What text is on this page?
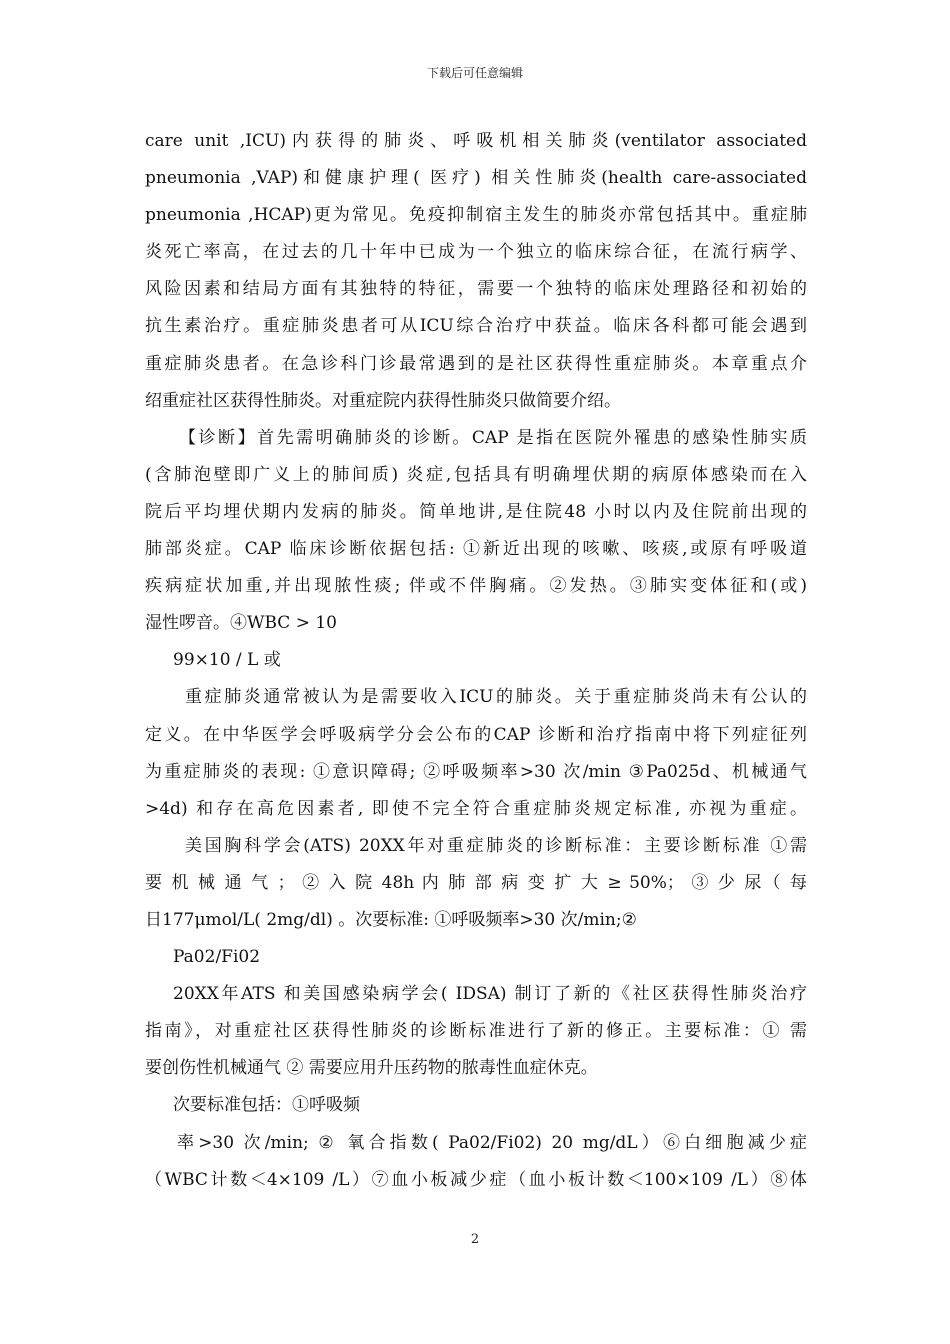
下载后可任意编辑
care unit ,ICU)内获得的肺炎、呼吸机相关肺炎(ventilator associated
pneumonia ,VAP)和健康护理( 医疗) 相关性肺炎(health care‑associated
pneumonia ,HCAP)更为常见。免疫抑制宿主发生的肺炎亦常包括其中。重症肺
炎死亡率高，在过去的几十年中已成为一个独立的临床综合征，在流行病学、
风险因素和结局方面有其独特的特征，需要一个独特的临床处理路径和初始的
抗生素治疗。重症肺炎患者可从ICU综合治疗中获益。临床各科都可能会遇到
重症肺炎患者。在急诊科门诊最常遇到的是社区获得性重症肺炎。本章重点介
绍重症社区获得性肺炎。对重症院内获得性肺炎只做简要介绍。
【诊断】首先需明确肺炎的诊断。CAP 是指在医院外罹患的感染性肺实质
(含肺泡壁即广义上的肺间质) 炎症,包括具有明确埋伏期的病原体感染而在入
院后平均埋伏期内发病的肺炎。简单地讲,是住院48 小时以内及住院前出现的
肺部炎症。CAP 临床诊断依据包括: ①新近出现的咳嗽、咳痰,或原有呼吸道
疾病症状加重,并出现脓性痰; 伴或不伴胸痛。②发热。③肺实变体征和(或)
湿性啰音。④WBC > 10
99×10 / L 或
重症肺炎通常被认为是需要收入ICU的肺炎。关于重症肺炎尚未有公认的
定义。在中华医学会呼吸病学分会公布的CAP 诊断和治疗指南中将下列症征列
为重症肺炎的表现: ①意识障碍; ②呼吸频率>30 次/min ③Pa025d、机械通气
>4d) 和存在高危因素者, 即使不完全符合重症肺炎规定标准, 亦视为重症。
美国胸科学会(ATS) 20XX年对重症肺炎的诊断标准：主要诊断标准 ①需
要 机 械 通 气 ； ② 入 院 48h 内 肺 部 病 变 扩 大 ≥ 50%； ③ 少 尿（ 每
日177μmol/L( 2mg/dl) 。次要标准: ①呼吸频率>30 次/min;②
Pa02/Fi02
20XX年ATS 和美国感染病学会( IDSA) 制订了新的《社区获得性肺炎治疗
指南》，对重症社区获得性肺炎的诊断标准进行了新的修正。主要标准：① 需
要创伤性机械通气 ② 需要应用升压药物的脓毒性血症休克。
次要标准包括：①呼吸频
率>30 次/min; ② 氧合指数( Pa02/Fi02) 20 mg/dL）⑥白细胞减少症
（WBC计数＜4×109 /L）⑦血小板减少症（血小板计数＜100×109 /L）⑧体
2
